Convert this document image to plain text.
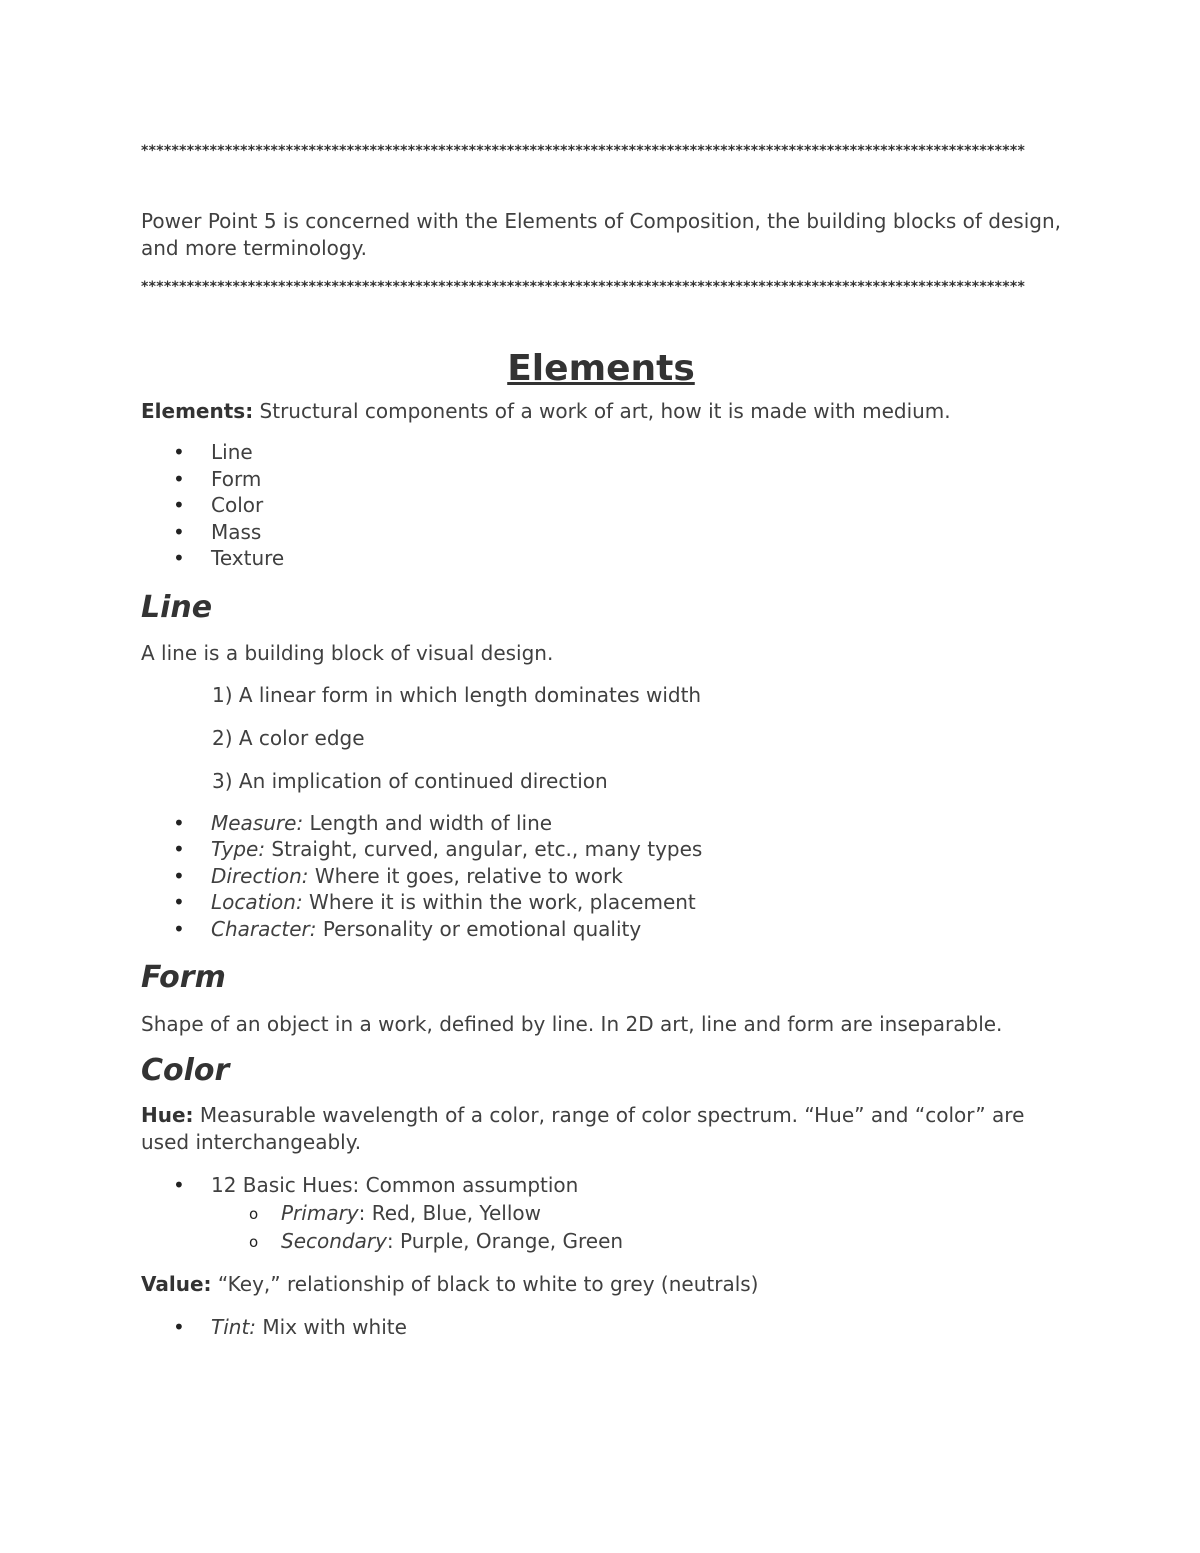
********************************************************************************************************************

Power Point 5 is concerned with the Elements of Composition, the building blocks of design, and more terminology.

********************************************************************************************************************
Elements

Elements: Structural components of a work of art, how it is made with medium.

• Line
• Form
• Color
• Mass
• Texture
Line

A line is a building block of visual design.

1) A linear form in which length dominates width

2) A color edge

3) An implication of continued direction

• Measure: Length and width of line
• Type: Straight, curved, angular, etc., many types
• Direction: Where it goes, relative to work
• Location: Where it is within the work, placement
• Character: Personality or emotional quality
Form

Shape of an object in a work, defined by line. In 2D art, line and form are inseparable.

Color

Hue: Measurable wavelength of a color, range of color spectrum. “Hue” and “color” are used interchangeably.

• 12 Basic Hues: Common assumption
o Primary: Red, Blue, Yellow
o Secondary: Purple, Orange, Green

Value: “Key,” relationship of black to white to grey (neutrals)

• Tint: Mix with white
